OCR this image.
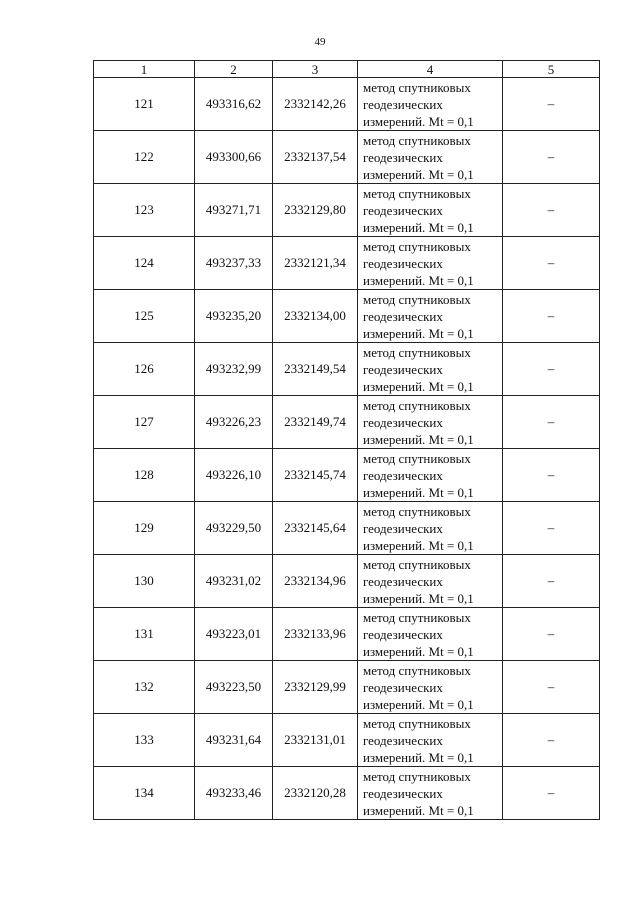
49
1	2	3	4	5
121	493316,62	2332142,26	метод спутниковых
геодезических
измерений. Mt = 0,1	–
122	493300,66	2332137,54	метод спутниковых
геодезических
измерений. Mt = 0,1	–
123	493271,71	2332129,80	метод спутниковых
геодезических
измерений. Mt = 0,1	–
124	493237,33	2332121,34	метод спутниковых
геодезических
измерений. Mt = 0,1	–
125	493235,20	2332134,00	метод спутниковых
геодезических
измерений. Mt = 0,1	–
126	493232,99	2332149,54	метод спутниковых
геодезических
измерений. Mt = 0,1	–
127	493226,23	2332149,74	метод спутниковых
геодезических
измерений. Mt = 0,1	–
128	493226,10	2332145,74	метод спутниковых
геодезических
измерений. Mt = 0,1	–
129	493229,50	2332145,64	метод спутниковых
геодезических
измерений. Mt = 0,1	–
130	493231,02	2332134,96	метод спутниковых
геодезических
измерений. Mt = 0,1	–
131	493223,01	2332133,96	метод спутниковых
геодезических
измерений. Mt = 0,1	–
132	493223,50	2332129,99	метод спутниковых
геодезических
измерений. Mt = 0,1	–
133	493231,64	2332131,01	метод спутниковых
геодезических
измерений. Mt = 0,1	–
134	493233,46	2332120,28	метод спутниковых
геодезических
измерений. Mt = 0,1	–
